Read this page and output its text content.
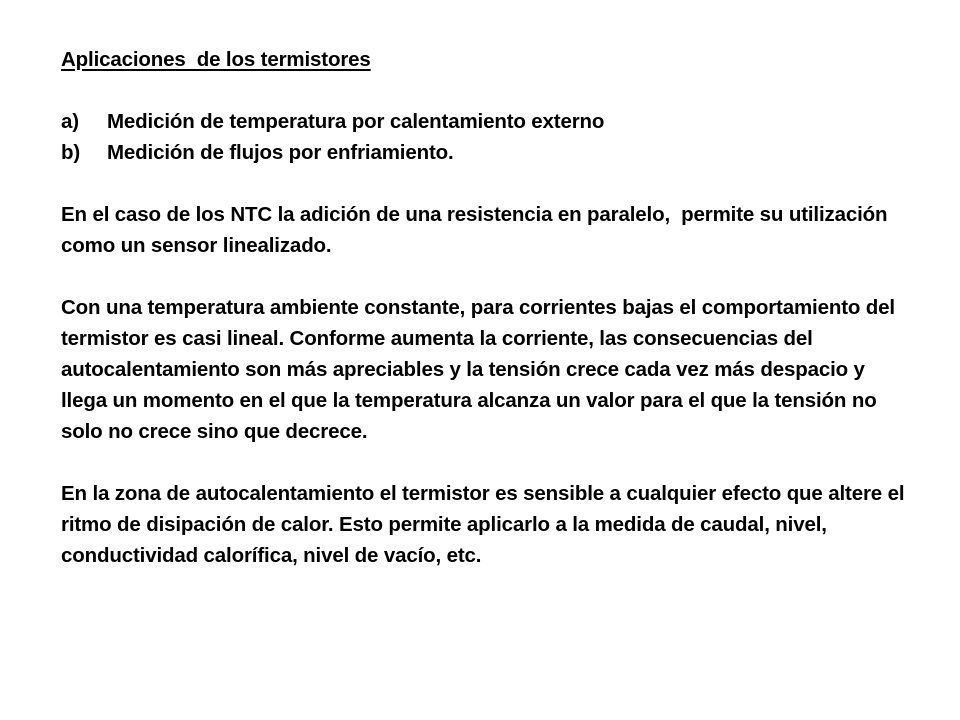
Aplicaciones  de los termistores

a)	Medición de temperatura por calentamiento externo
b)	Medición de flujos por enfriamiento.

En el caso de los NTC la adición de una resistencia en paralelo,  permite su utilización como un sensor linealizado.

Con una temperatura ambiente constante, para corrientes bajas el comportamiento del termistor es casi lineal. Conforme aumenta la corriente, las consecuencias del autocalentamiento son más apreciables y la tensión crece cada vez más despacio y llega un momento en el que la temperatura alcanza un valor para el que la tensión no solo no crece sino que decrece.

En la zona de autocalentamiento el termistor es sensible a cualquier efecto que altere el ritmo de disipación de calor. Esto permite aplicarlo a la medida de caudal, nivel, conductividad calorífica, nivel de vacío, etc.
